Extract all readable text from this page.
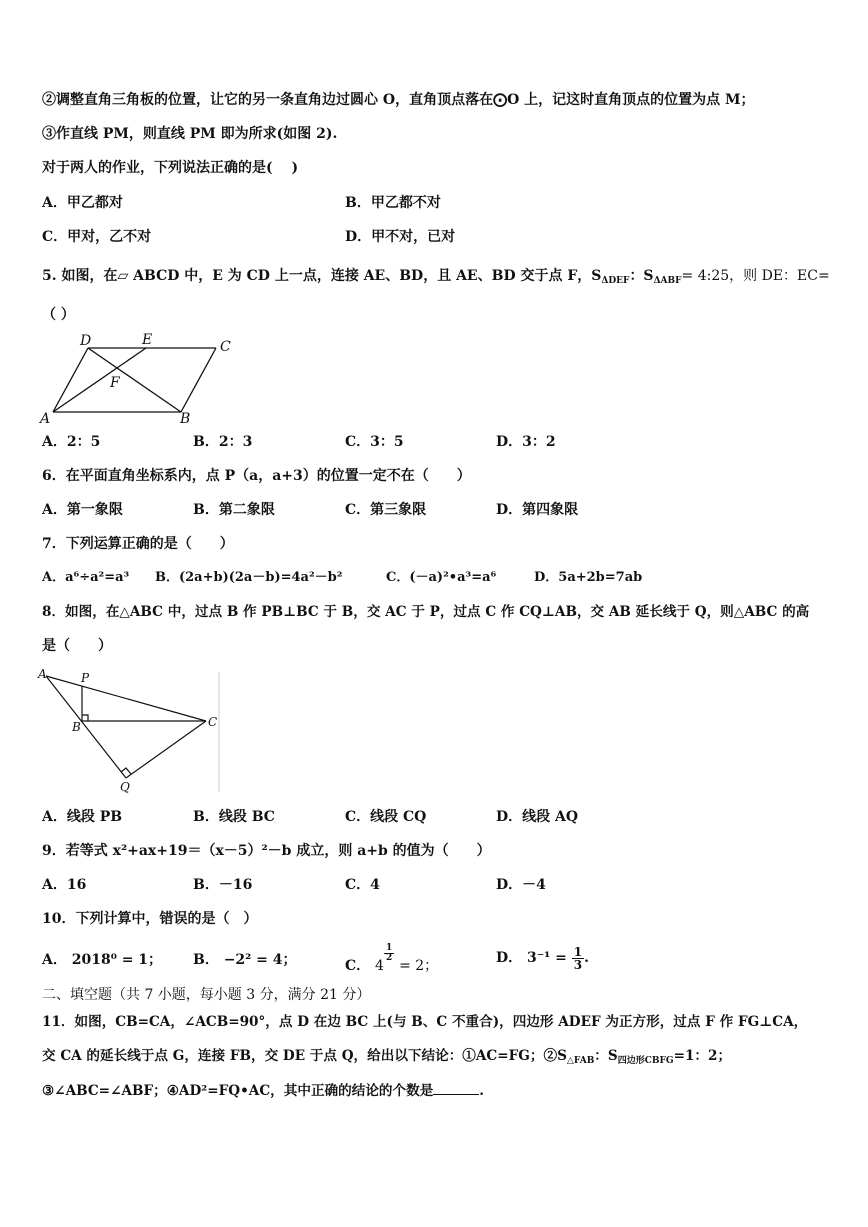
②调整直角三角板的位置，让它的另一条直角边过圆心 O，直角顶点落在⨀O 上，记这时直角顶点的位置为点 M；
③作直线 PM，则直线 PM 即为所求(如图 2).
对于两人的作业，下列说法正确的是(　 )
A．甲乙都对	B．甲乙都不对
C．甲对，乙不对	D．甲不对，已对
5. 如图，在▱ ABCD 中，E 为 CD 上一点，连接 AE、BD，且 AE、BD 交于点 F，$S_{\Delta DEF}$：$S_{\Delta ABF}=$ 4:25，则 DE：EC=
（ ）
D	E	C
F
A	B
A．2：5	B．2：3	C．3：5	D．3：2
6．在平面直角坐标系内，点 P（a，a+3）的位置一定不在（　　）
A．第一象限	B．第二象限	C．第三象限	D．第四象限
7．下列运算正确的是（　　）
A．a⁶÷a²=a³ B．(2a+b)(2a－b)=4a²－b²	C．(－a)²•a³=a⁶	D．5a+2b=7ab
8．如图，在△ABC 中，过点 B 作 PB⊥BC 于 B，交 AC 于 P，过点 C 作 CQ⊥AB，交 AB 延长线于 Q，则△ABC 的高
是（　　）
A	P
B	C
Q
A．线段 PB	B．线段 BC	C．线段 CQ	D．线段 AQ
9．若等式 x²+ax+19＝（x－5）²－b 成立，则 a+b 的值为（　　）
A．16	B．－16	C．4	D．－4
10．下列计算中，错误的是（　）
A． 2018⁰ = 1； B． −2² = 4；	C． 4
$\frac{1}{2}$
= 2；	D． $3^{-1} = \frac{1}{3}$ .
二、填空题（共 7 小题，每小题 3 分，满分 21 分）
11．如图，CB=CA，∠ACB=90°，点 D 在边 BC 上(与 B、C 不重合)，四边形 ADEF 为正方形，过点 F 作 FG⊥CA，
交 CA 的延长线于点 G，连接 FB，交 DE 于点 Q，给出以下结论：①AC=FG；$②S_{\triangle FAB}$：$S_{四边形CBFG}=1$：2；
③∠ABC=∠ABF；④AD²=FQ•AC，其中正确的结论的个数是	.
